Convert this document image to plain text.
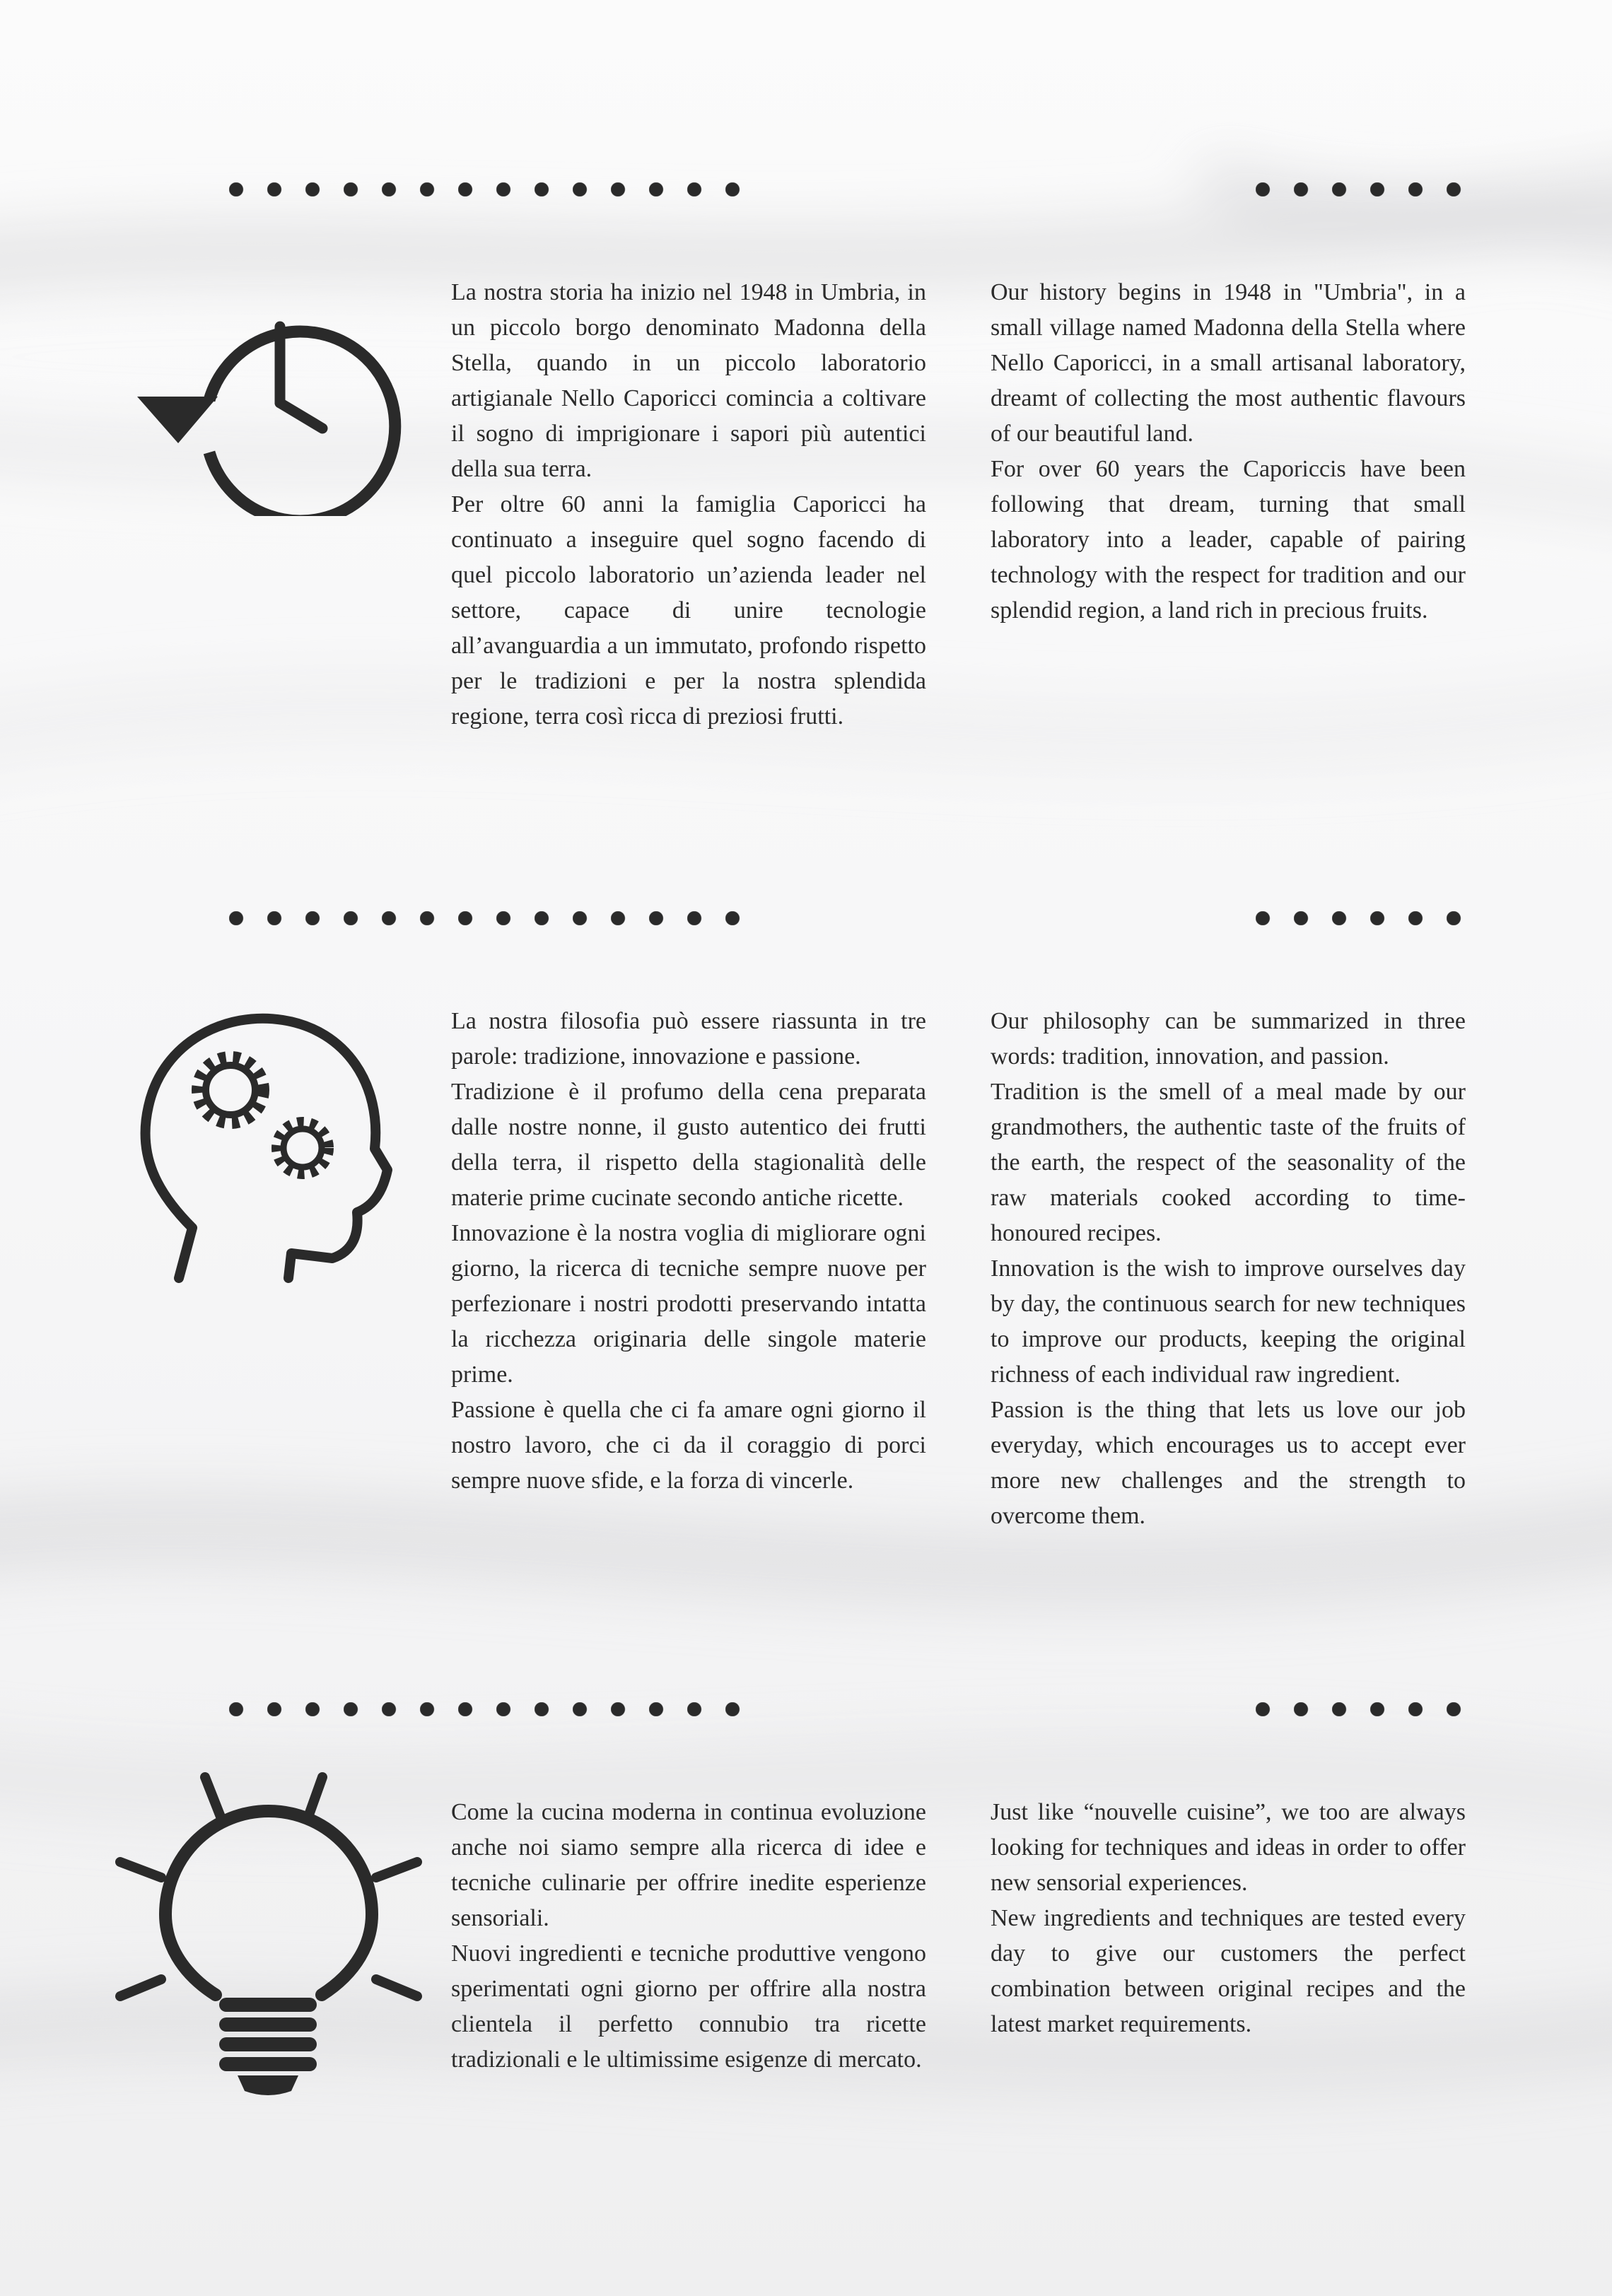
La nostra storia ha inizio nel 1948 in Umbria, in un piccolo borgo denominato Madonna della Stella, quando in un piccolo laboratorio artigianale Nello Caporicci comincia a coltivare il sogno di imprigionare i sapori più autentici della sua terra.

Per oltre 60 anni la famiglia Caporicci ha continuato a inseguire quel sogno facendo di quel piccolo laboratorio un’azienda leader nel settore, capace di unire tecnologie all’avanguardia a un immutato, profondo rispetto per le tradizioni e per la nostra splendida regione, terra così ricca di preziosi frutti.

Our history begins in 1948 in "Umbria", in a small village named Madonna della Stella where Nello Caporicci, in a small artisanal laboratory, dreamt of collecting the most authentic flavours of our beautiful land.

For over 60 years the Caporiccis have been following that dream, turning that small laboratory into a leader, capable of pairing technology with the respect for tradition and our splendid region, a land rich in precious fruits.

La nostra filosofia può essere riassunta in tre parole: tradizione, innovazione e passione.

Tradizione è il profumo della cena preparata dalle nostre nonne, il gusto autentico dei frutti della terra, il rispetto della stagionalità delle materie prime cucinate secondo antiche ricette.

Innovazione è la nostra voglia di migliorare ogni giorno, la ricerca di tecniche sempre nuove per perfezionare i nostri prodotti preservando intatta la ricchezza originaria delle singole materie prime.

Passione è quella che ci fa amare ogni giorno il nostro lavoro, che ci da il coraggio di porci sempre nuove sfide, e la forza di vincerle.

Our philosophy can be summarized in three words: tradition, innovation, and passion.

Tradition is the smell of a meal made by our grandmothers, the authentic taste of the fruits of the earth, the respect of the seasonality of the raw materials cooked according to time-honoured recipes.

Innovation is the wish to improve ourselves day by day, the continuous search for new techniques to improve our products, keeping the original richness of each individual raw ingredient.

Passion is the thing that lets us love our job everyday, which encourages us to accept ever more new challenges and the strength to overcome them.

Come la cucina moderna in continua evoluzione anche noi siamo sempre alla ricerca di idee e tecniche culinarie per offrire inedite esperienze sensoriali.

Nuovi ingredienti e tecniche produttive vengono sperimentati ogni giorno per offrire alla nostra clientela il perfetto connubio tra ricette tradizionali e le ultimissime esigenze di mercato.

Just like “nouvelle cuisine”, we too are always looking for techniques and ideas in order to offer new sensorial experiences.

New ingredients and techniques are tested every day to give our customers the perfect combination between original recipes and the latest market requirements.
